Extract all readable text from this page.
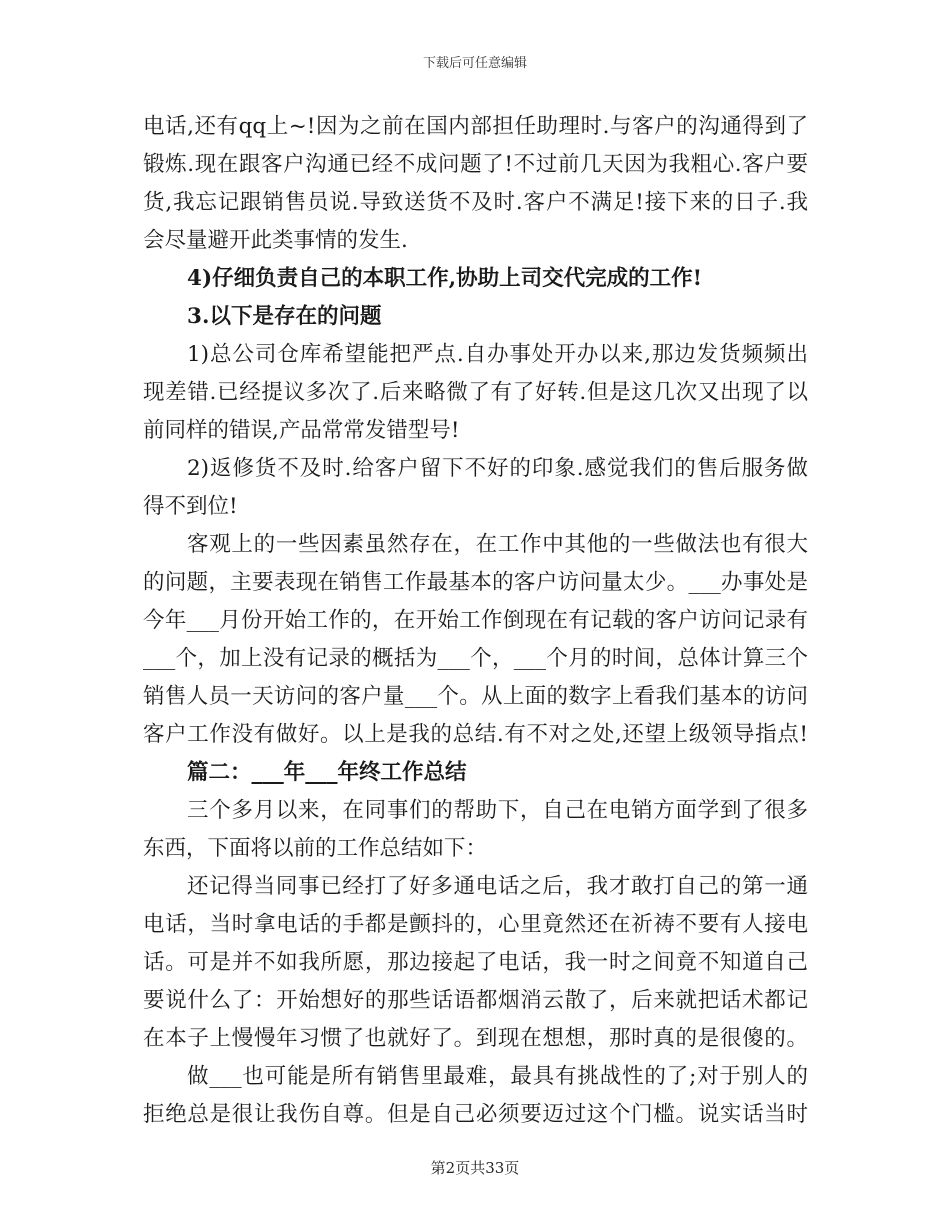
下载后可任意编辑
电话,还有qq上~!因为之前在国内部担任助理时.与客户的沟通得到了
锻炼.现在跟客户沟通已经不成问题了!不过前几天因为我粗心.客户要
货,我忘记跟销售员说.导致送货不及时.客户不满足!接下来的日子.我
会尽量避开此类事情的发生.
4)仔细负责自己的本职工作,协助上司交代完成的工作!
3.以下是存在的问题
1)总公司仓库希望能把严点.自办事处开办以来,那边发货频频出
现差错.已经提议多次了.后来略微了有了好转.但是这几次又出现了以
前同样的错误,产品常常发错型号!
2)返修货不及时.给客户留下不好的印象.感觉我们的售后服务做
得不到位!
客观上的一些因素虽然存在，在工作中其他的一些做法也有很大
的问题，主要表现在销售工作最基本的客户访问量太少。___办事处是
今年___月份开始工作的，在开始工作倒现在有记载的客户访问记录有
___个，加上没有记录的概括为___个，___个月的时间，总体计算三个
销售人员一天访问的客户量___个。从上面的数字上看我们基本的访问
客户工作没有做好。以上是我的总结.有不对之处,还望上级领导指点!
篇二：___年___年终工作总结
三个多月以来，在同事们的帮助下，自己在电销方面学到了很多
东西，下面将以前的工作总结如下：
还记得当同事已经打了好多通电话之后，我才敢打自己的第一通
电话，当时拿电话的手都是颤抖的，心里竟然还在祈祷不要有人接电
话。可是并不如我所愿，那边接起了电话，我一时之间竟不知道自己
要说什么了：开始想好的那些话语都烟消云散了，后来就把话术都记
在本子上慢慢年习惯了也就好了。到现在想想，那时真的是很傻的。
做___也可能是所有销售里最难，最具有挑战性的了;对于别人的
拒绝总是很让我伤自尊。但是自己必须要迈过这个门槛。说实话当时
第2页共33页
